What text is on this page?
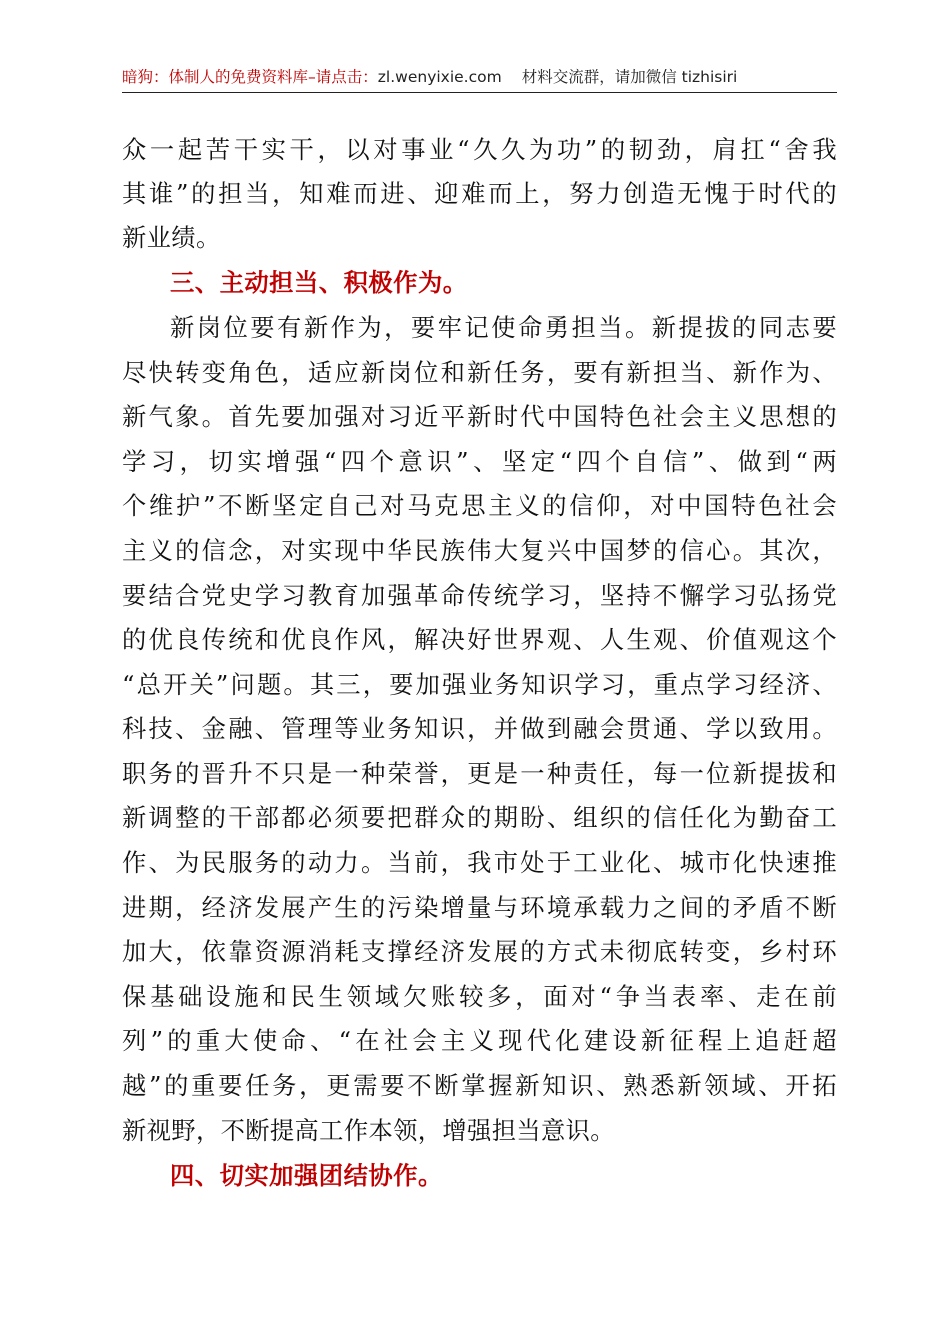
暗狗：体制人的免费资料库–请点击：zl.wenyixie.com 材料交流群，请加微信 tizhisiri
众一起苦干实干，以对事业“久久为功”的韧劲，肩扛“舍我
其谁”的担当，知难而进、迎难而上，努力创造无愧于时代的
新业绩。
三、主动担当、积极作为。
新岗位要有新作为，要牢记使命勇担当。新提拔的同志要
尽快转变角色，适应新岗位和新任务，要有新担当、新作为、
新气象。首先要加强对习近平新时代中国特色社会主义思想的
学习，切实增强“四个意识”、坚定“四个自信”、做到“两
个维护”不断坚定自己对马克思主义的信仰，对中国特色社会
主义的信念，对实现中华民族伟大复兴中国梦的信心。其次，
要结合党史学习教育加强革命传统学习，坚持不懈学习弘扬党
的优良传统和优良作风，解决好世界观、人生观、价值观这个
“总开关”问题。其三，要加强业务知识学习，重点学习经济、
科技、金融、管理等业务知识，并做到融会贯通、学以致用。
职务的晋升不只是一种荣誉，更是一种责任，每一位新提拔和
新调整的干部都必须要把群众的期盼、组织的信任化为勤奋工
作、为民服务的动力。当前，我市处于工业化、城市化快速推
进期，经济发展产生的污染增量与环境承载力之间的矛盾不断
加大，依靠资源消耗支撑经济发展的方式未彻底转变，乡村环
保基础设施和民生领域欠账较多，面对“争当表率、走在前
列”的重大使命、“在社会主义现代化建设新征程上追赶超
越”的重要任务，更需要不断掌握新知识、熟悉新领域、开拓
新视野，不断提高工作本领，增强担当意识。
四、切实加强团结协作。
